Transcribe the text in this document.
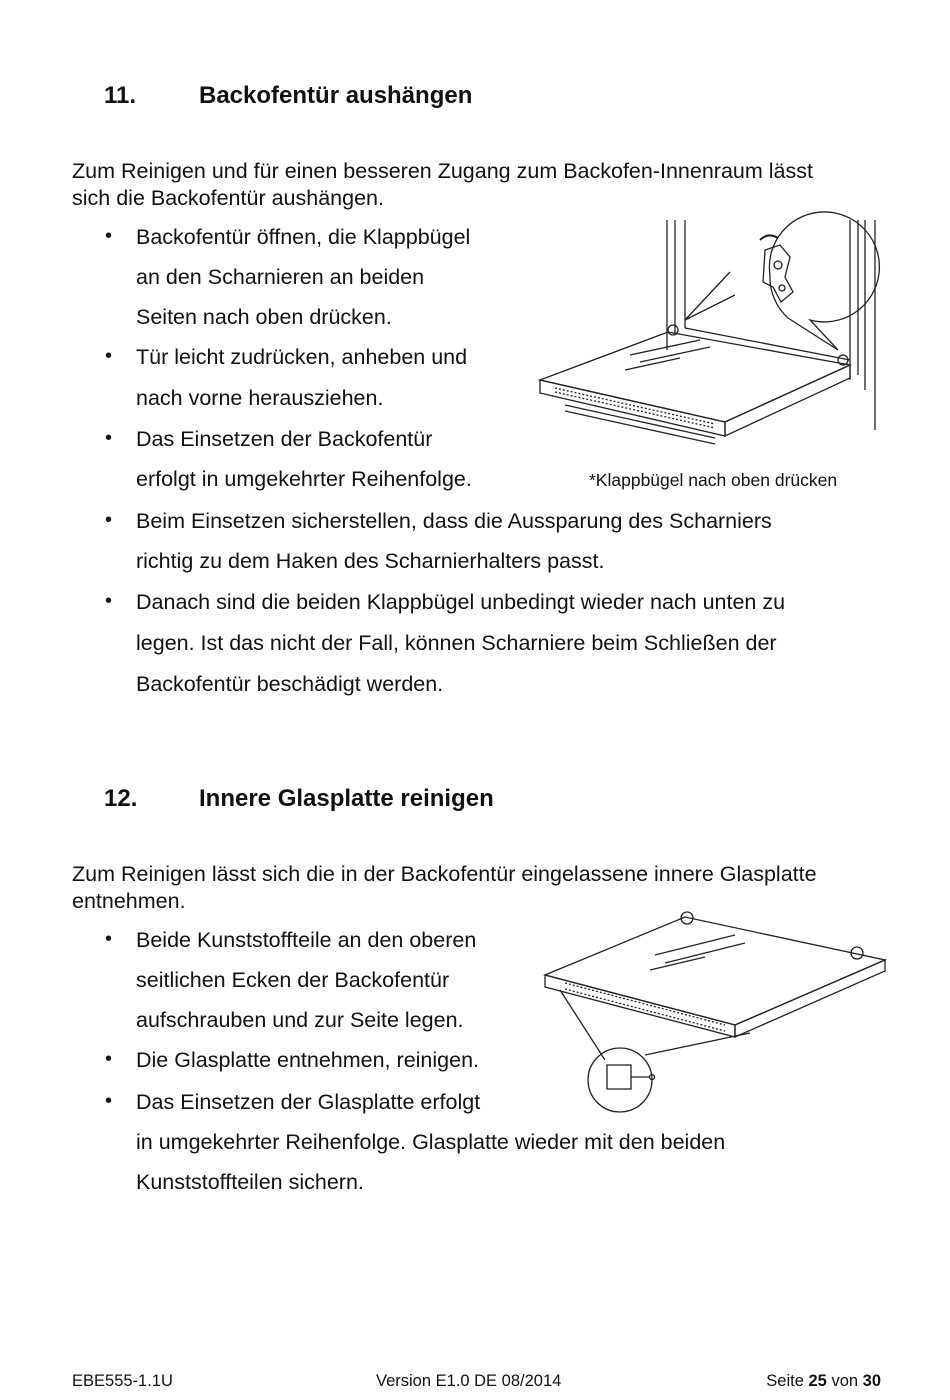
11.	Backofentür aushängen
Zum Reinigen und für einen besseren Zugang zum Backofen-Innenraum lässt
sich die Backofentür aushängen.
• Backofentür öffnen, die Klappbügel
an den Scharnieren an beiden
Seiten nach oben drücken.
• Tür leicht zudrücken, anheben und
nach vorne herausziehen.
• Das Einsetzen der Backofentür
erfolgt in umgekehrter Reihenfolge.	*Klappbügel nach oben drücken
• Beim Einsetzen sicherstellen, dass die Aussparung des Scharniers
richtig zu dem Haken des Scharnierhalters passt.
• Danach sind die beiden Klappbügel unbedingt wieder nach unten zu
legen. Ist das nicht der Fall, können Scharniere beim Schließen der
Backofentür beschädigt werden.
12.	Innere Glasplatte reinigen
Zum Reinigen lässt sich die in der Backofentür eingelassene innere Glasplatte
entnehmen.
• Beide Kunststoffteile an den oberen
seitlichen Ecken der Backofentür
aufschrauben und zur Seite legen.
• Die Glasplatte entnehmen, reinigen.
• Das Einsetzen der Glasplatte erfolgt
in umgekehrter Reihenfolge. Glasplatte wieder mit den beiden
Kunststoffteilen sichern.
EBE555-1.1U	Version E1.0 DE 08/2014	Seite 25 von 30
